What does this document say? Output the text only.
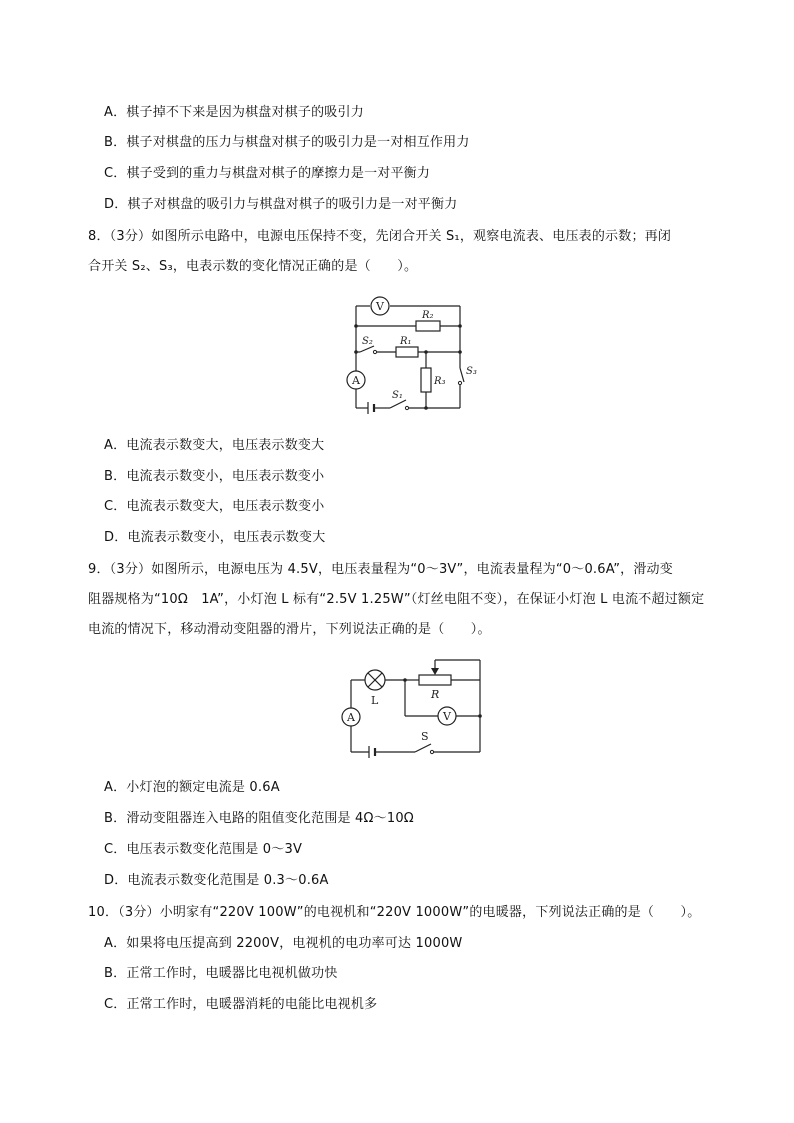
A．棋子掉不下来是因为棋盘对棋子的吸引力
B．棋子对棋盘的压力与棋盘对棋子的吸引力是一对相互作用力
C．棋子受到的重力与棋盘对棋子的摩擦力是一对平衡力
D．棋子对棋盘的吸引力与棋盘对棋子的吸引力是一对平衡力
8．（3分）如图所示电路中，电源电压保持不变，先闭合开关 S₁，观察电流表、电压表的示数；再闭
合开关 S₂、S₃，电表示数的变化情况正确的是（　　）。
V
A
R₂
R₁
R₃
S₂
S₁
S₃
A．电流表示数变大，电压表示数变大
B．电流表示数变小，电压表示数变小
C．电流表示数变大，电压表示数变小
D．电流表示数变小，电压表示数变大
9．（3分）如图所示，电源电压为 4.5V，电压表量程为“0～3V”，电流表量程为“0～0.6A”，滑动变
阻器规格为“10Ω　1A”，小灯泡 L 标有“2.5V 1.25W”（灯丝电阻不变），在保证小灯泡 L 电流不超过额定
电流的情况下，移动滑动变阻器的滑片，下列说法正确的是（　　）。
A	V
L	R
S
A．小灯泡的额定电流是 0.6A
B．滑动变阻器连入电路的阻值变化范围是 4Ω～10Ω
C．电压表示数变化范围是 0～3V
D．电流表示数变化范围是 0.3～0.6A
10．（3分）小明家有“220V 100W”的电视机和“220V 1000W”的电暖器，下列说法正确的是（　　）。
A．如果将电压提高到 2200V，电视机的电功率可达 1000W
B．正常工作时，电暖器比电视机做功快
C．正常工作时，电暖器消耗的电能比电视机多
